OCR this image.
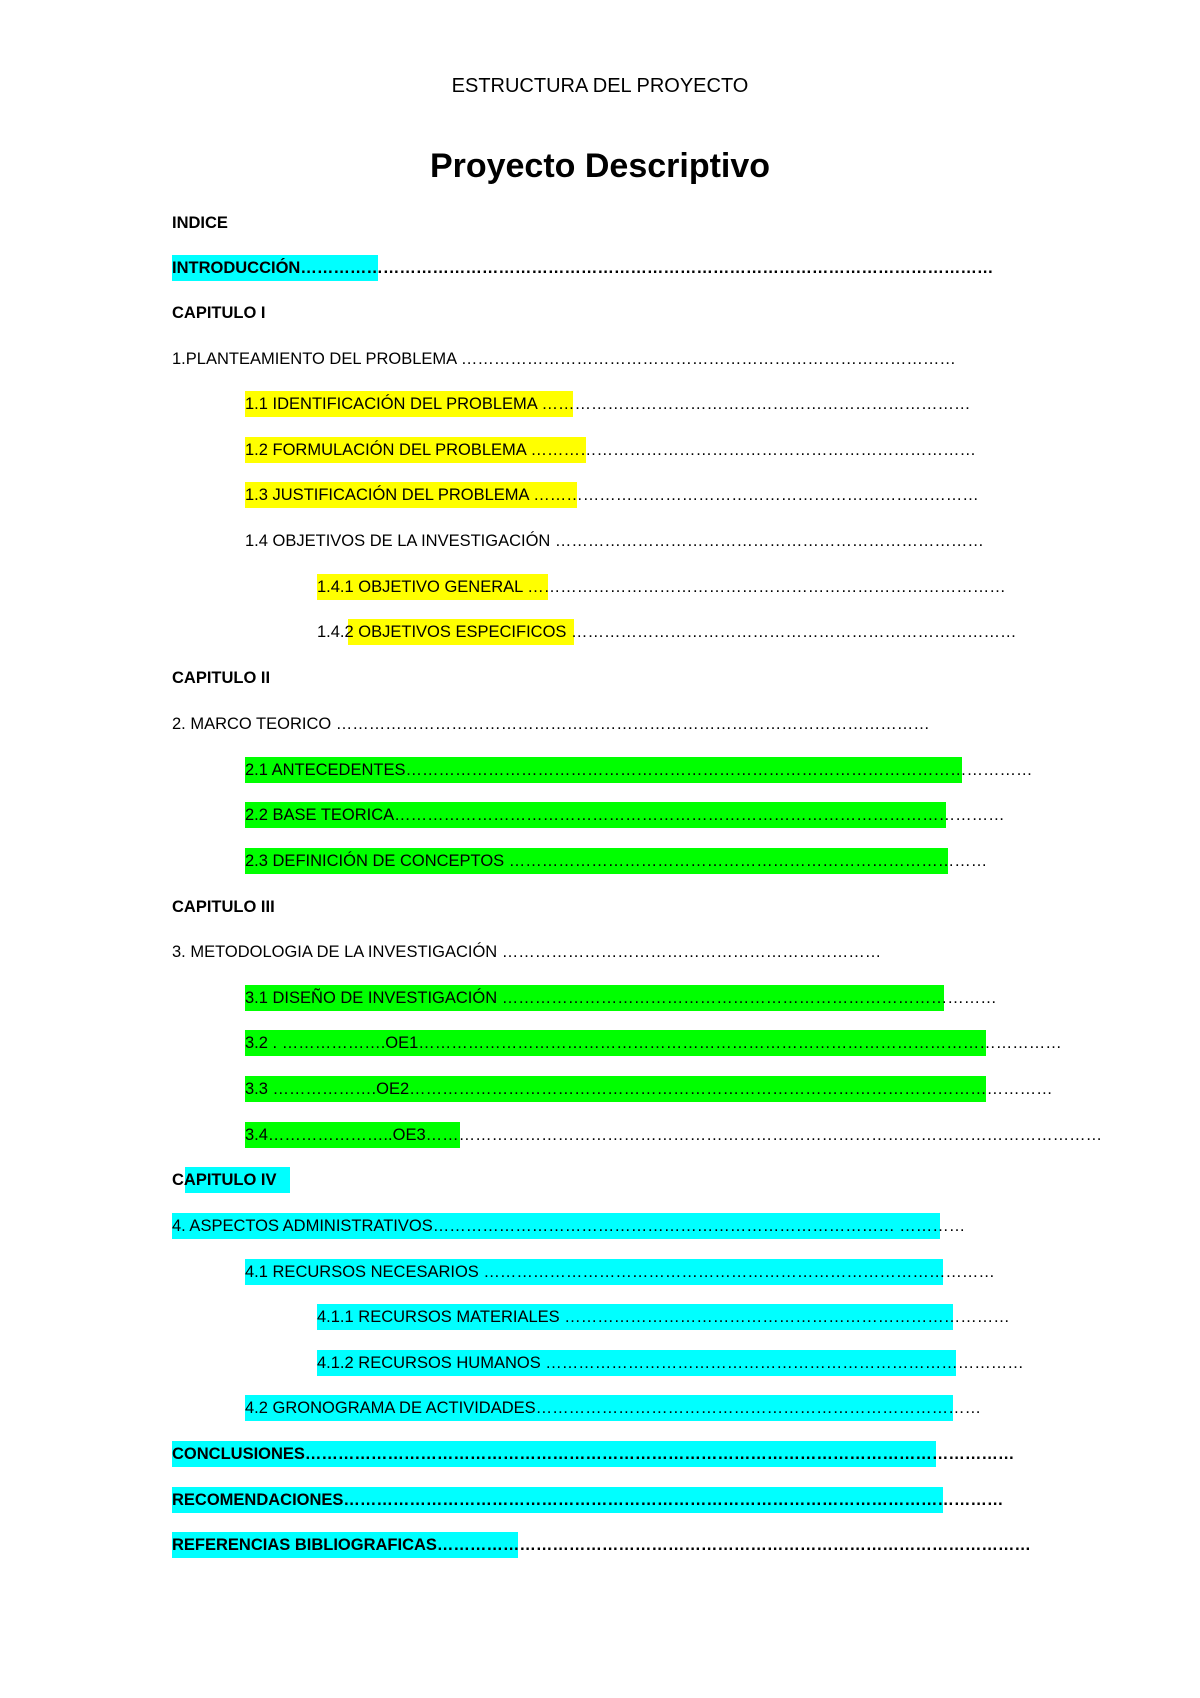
ESTRUCTURA DEL PROYECTO
Proyecto Descriptivo
INDICE
INTRODUCCIÓN………………………………………………………………………………………………………………
CAPITULO I
1.PLANTEAMIENTO DEL PROBLEMA ………………………………………………………………………………
1.1 IDENTIFICACIÓN DEL PROBLEMA ……………………………………………………………………
1.2 FORMULACIÓN DEL PROBLEMA ………………………………………………………………………
1.3 JUSTIFICACIÓN DEL PROBLEMA ………………………………………………………………………
1.4 OBJETIVOS DE LA INVESTIGACIÓN ……………………………………………………………………
1.4.1 OBJETIVO GENERAL ……………………………………………………………………………
1.4.2 OBJETIVOS ESPECIFICOS ………………………………………………………………………
CAPITULO II
2. MARCO TEORICO ………………………………………………………………………………………………
2.1 ANTECEDENTES……………………………………………………………………………………………………
2.2 BASE TEORICA…………………………………………………………………………………………………
2.3 DEFINICIÓN DE CONCEPTOS ……………………………………………………………………………
CAPITULO III
3. METODOLOGIA DE LA INVESTIGACIÓN ……………………………………………………………
3.1 DISEÑO DE INVESTIGACIÓN ………………………………………………………………………………
3.2 . ……………….OE1………………………………………………………………………………………………………
3.3 ……………….OE2………………………………………………………………………………………………………
3.4…………………..OE3……………………………………………………………………………………………………………
CAPITULO IV
4. ASPECTOS ADMINISTRATIVOS………………………………………………………………………… …………
4.1 RECURSOS NECESARIOS …………………………………………………………………………………
4.1.1 RECURSOS MATERIALES ………………………………………………………………………
4.1.2 RECURSOS HUMANOS ……………………………………………………………………………
4.2 GRONOGRAMA DE ACTIVIDADES………………………………………………………………………
CONCLUSIONES…………………………………………………………………………………………………………………
RECOMENDACIONES…………………………………………………………………………………………………………
REFERENCIAS BIBLIOGRAFICAS………………………………………………………………………………………………
